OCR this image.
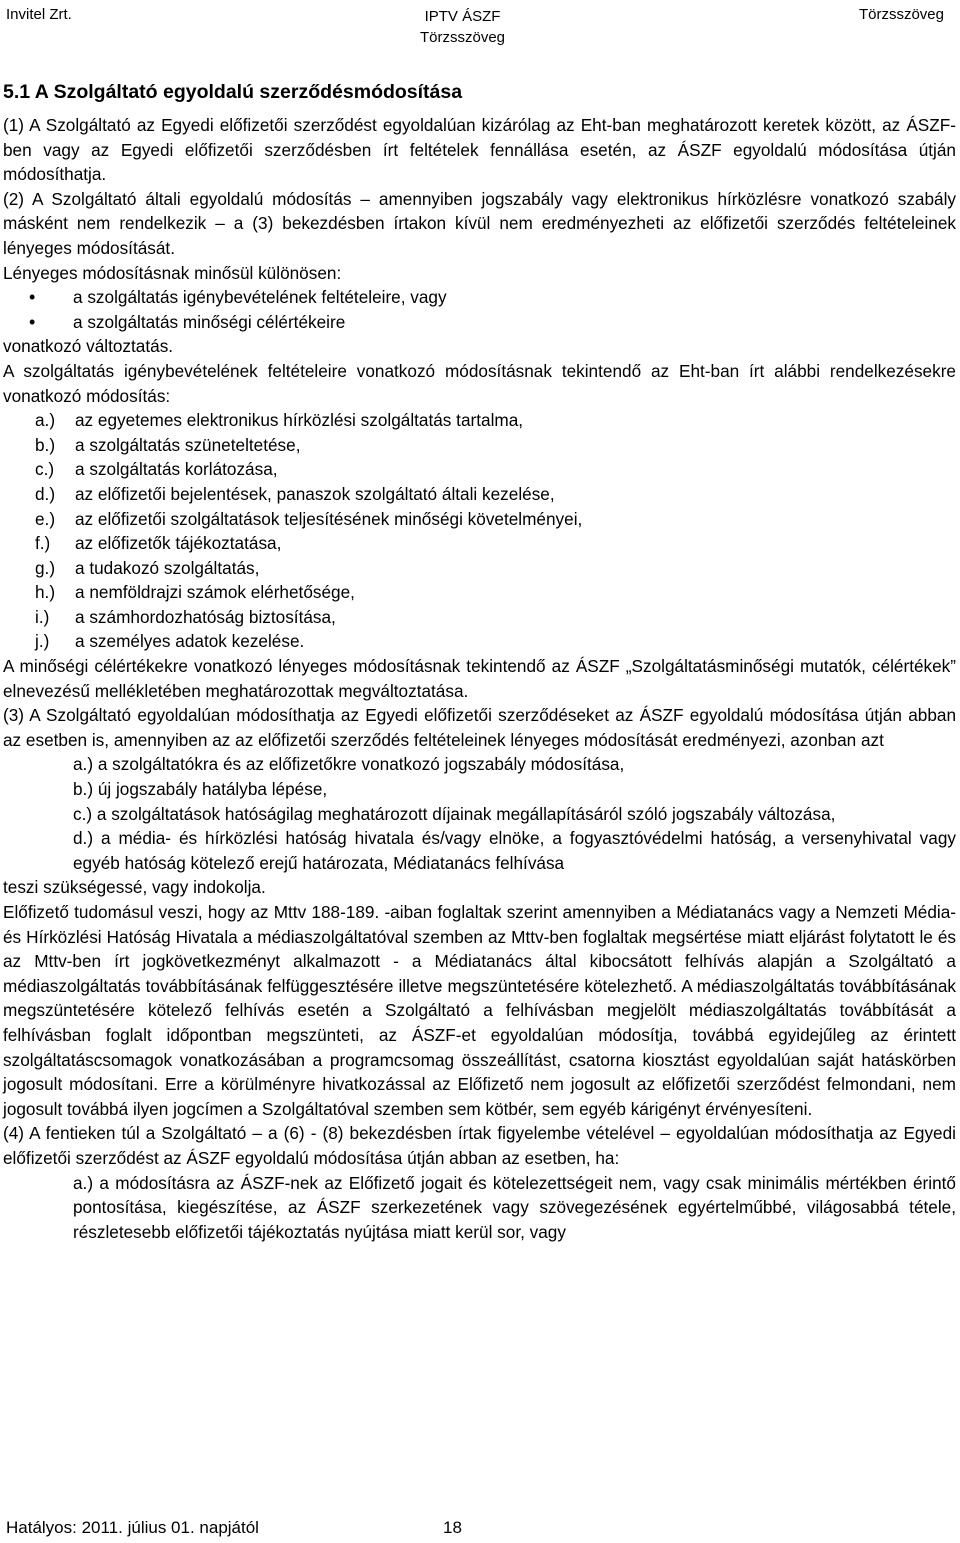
Invitel Zrt.	IPTV ÁSZF
Törzsszöveg
Törzsszöveg
5.1 A Szolgáltató egyoldalú szerződésmódosítása

(1) A Szolgáltató az Egyedi előfizetői szerződést egyoldalúan kizárólag az Eht-ban meghatározott keretek között, az ÁSZF-ben vagy az Egyedi előfizetői szerződésben írt feltételek fennállása esetén, az ÁSZF egyoldalú módosítása útján módosíthatja.

(2) A Szolgáltató általi egyoldalú módosítás – amennyiben jogszabály vagy elektronikus hírközlésre vonatkozó szabály másként nem rendelkezik – a (3) bekezdésben írtakon kívül nem eredményezheti az előfizetői szerződés feltételeinek lényeges módosítását.

Lényeges módosításnak minősül különösen:

• a szolgáltatás igénybevételének feltételeire, vagy
• a szolgáltatás minőségi célértékeire

vonatkozó változtatás.

A szolgáltatás igénybevételének feltételeire vonatkozó módosításnak tekintendő az Eht-ban írt alábbi rendelkezésekre vonatkozó módosítás:

a.) az egyetemes elektronikus hírközlési szolgáltatás tartalma,
b.) a szolgáltatás szüneteltetése,
c.) a szolgáltatás korlátozása,
d.) az előfizetői bejelentések, panaszok szolgáltató általi kezelése,
e.) az előfizetői szolgáltatások teljesítésének minőségi követelményei,
f.) az előfizetők tájékoztatása,
g.) a tudakozó szolgáltatás,
h.) a nemföldrajzi számok elérhetősége,
i.) a számhordozhatóság biztosítása,
j.) a személyes adatok kezelése.

A minőségi célértékekre vonatkozó lényeges módosításnak tekintendő az ÁSZF „Szolgáltatásminőségi mutatók, célértékek” elnevezésű mellékletében meghatározottak megváltoztatása.

(3) A Szolgáltató egyoldalúan módosíthatja az Egyedi előfizetői szerződéseket az ÁSZF egyoldalú módosítása útján abban az esetben is, amennyiben az az előfizetői szerződés feltételeinek lényeges módosítását eredményezi, azonban azt

a.) a szolgáltatókra és az előfizetőkre vonatkozó jogszabály módosítása,
b.) új jogszabály hatályba lépése,
c.) a szolgáltatások hatóságilag meghatározott díjainak megállapításáról szóló jogszabály változása,
d.) a média- és hírközlési hatóság hivatala és/vagy elnöke, a fogyasztóvédelmi hatóság, a versenyhivatal vagy egyéb hatóság kötelező erejű határozata, Médiatanács felhívása

teszi szükségessé, vagy indokolja.

Előfizető tudomásul veszi, hogy az Mttv 188-189. -aiban foglaltak szerint amennyiben a Médiatanács vagy a Nemzeti Média- és Hírközlési Hatóság Hivatala a médiaszolgáltatóval szemben az Mttv-ben foglaltak megsértése miatt eljárást folytatott le és az Mttv-ben írt jogkövetkezményt alkalmazott - a Médiatanács által kibocsátott felhívás alapján a Szolgáltató a médiaszolgáltatás továbbításának felfüggesztésére illetve megszüntetésére kötelezhető. A médiaszolgáltatás továbbításának megszüntetésére kötelező felhívás esetén a Szolgáltató a felhívásban megjelölt médiaszolgáltatás továbbítását a felhívásban foglalt időpontban megszünteti, az ÁSZF-et egyoldalúan módosítja, továbbá egyidejűleg az érintett szolgáltatáscsomagok vonatkozásában a programcsomag összeállítást, csatorna kiosztást egyoldalúan saját hatáskörben jogosult módosítani. Erre a körülményre hivatkozással az Előfizető nem jogosult az előfizetői szerződést felmondani, nem jogosult továbbá ilyen jogcímen a Szolgáltatóval szemben sem kötbér, sem egyéb kárigényt érvényesíteni.

(4) A fentieken túl a Szolgáltató – a (6) - (8) bekezdésben írtak figyelembe vételével – egyoldalúan módosíthatja az Egyedi előfizetői szerződést az ÁSZF egyoldalú módosítása útján abban az esetben, ha:

a.) a módosításra az ÁSZF-nek az Előfizető jogait és kötelezettségeit nem, vagy csak minimális mértékben érintő pontosítása, kiegészítése, az ÁSZF szerkezetének vagy szövegezésének egyértelműbbé, világosabbá tétele, részletesebb előfizetői tájékoztatás nyújtása miatt kerül sor, vagy
Hatályos: 2011. július 01. napjától	18
